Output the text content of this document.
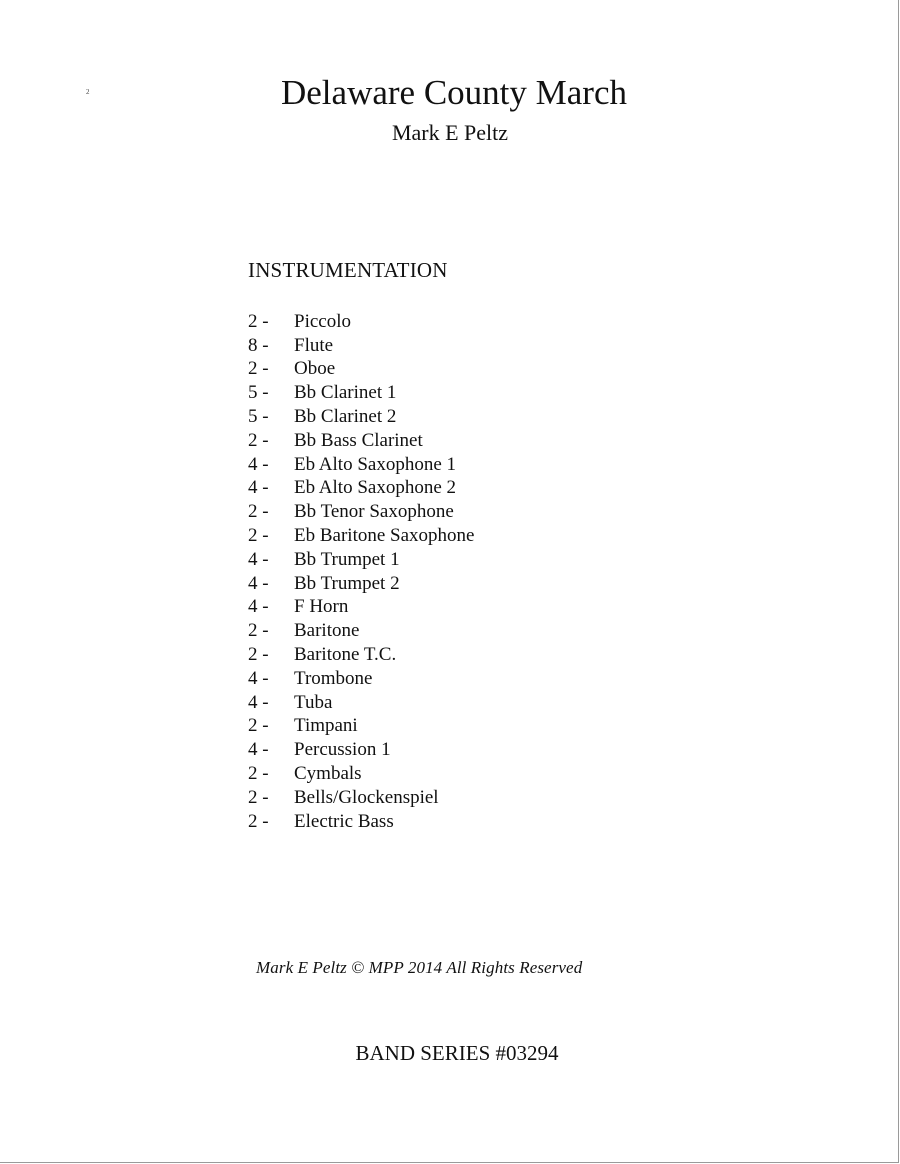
2	Delaware County March
Mark E Peltz
INSTRUMENTATION
2 -	Piccolo
8 -	Flute
2 -	Oboe
5 -	Bb Clarinet 1
5 -	Bb Clarinet 2
2 -	Bb Bass Clarinet
4 -	Eb Alto Saxophone 1
4 -	Eb Alto Saxophone 2
2 -	Bb Tenor Saxophone
2 -	Eb Baritone Saxophone
4 -	Bb Trumpet 1
4 -	Bb Trumpet 2
4 -	F Horn
2 -	Baritone
2 -	Baritone T.C.
4 -	Trombone
4 -	Tuba
2 -	Timpani
4 -	Percussion 1
2 -	Cymbals
2 -	Bells/Glockenspiel
2 -	Electric Bass
Mark E Peltz © MPP 2014 All Rights Reserved
BAND SERIES #03294
